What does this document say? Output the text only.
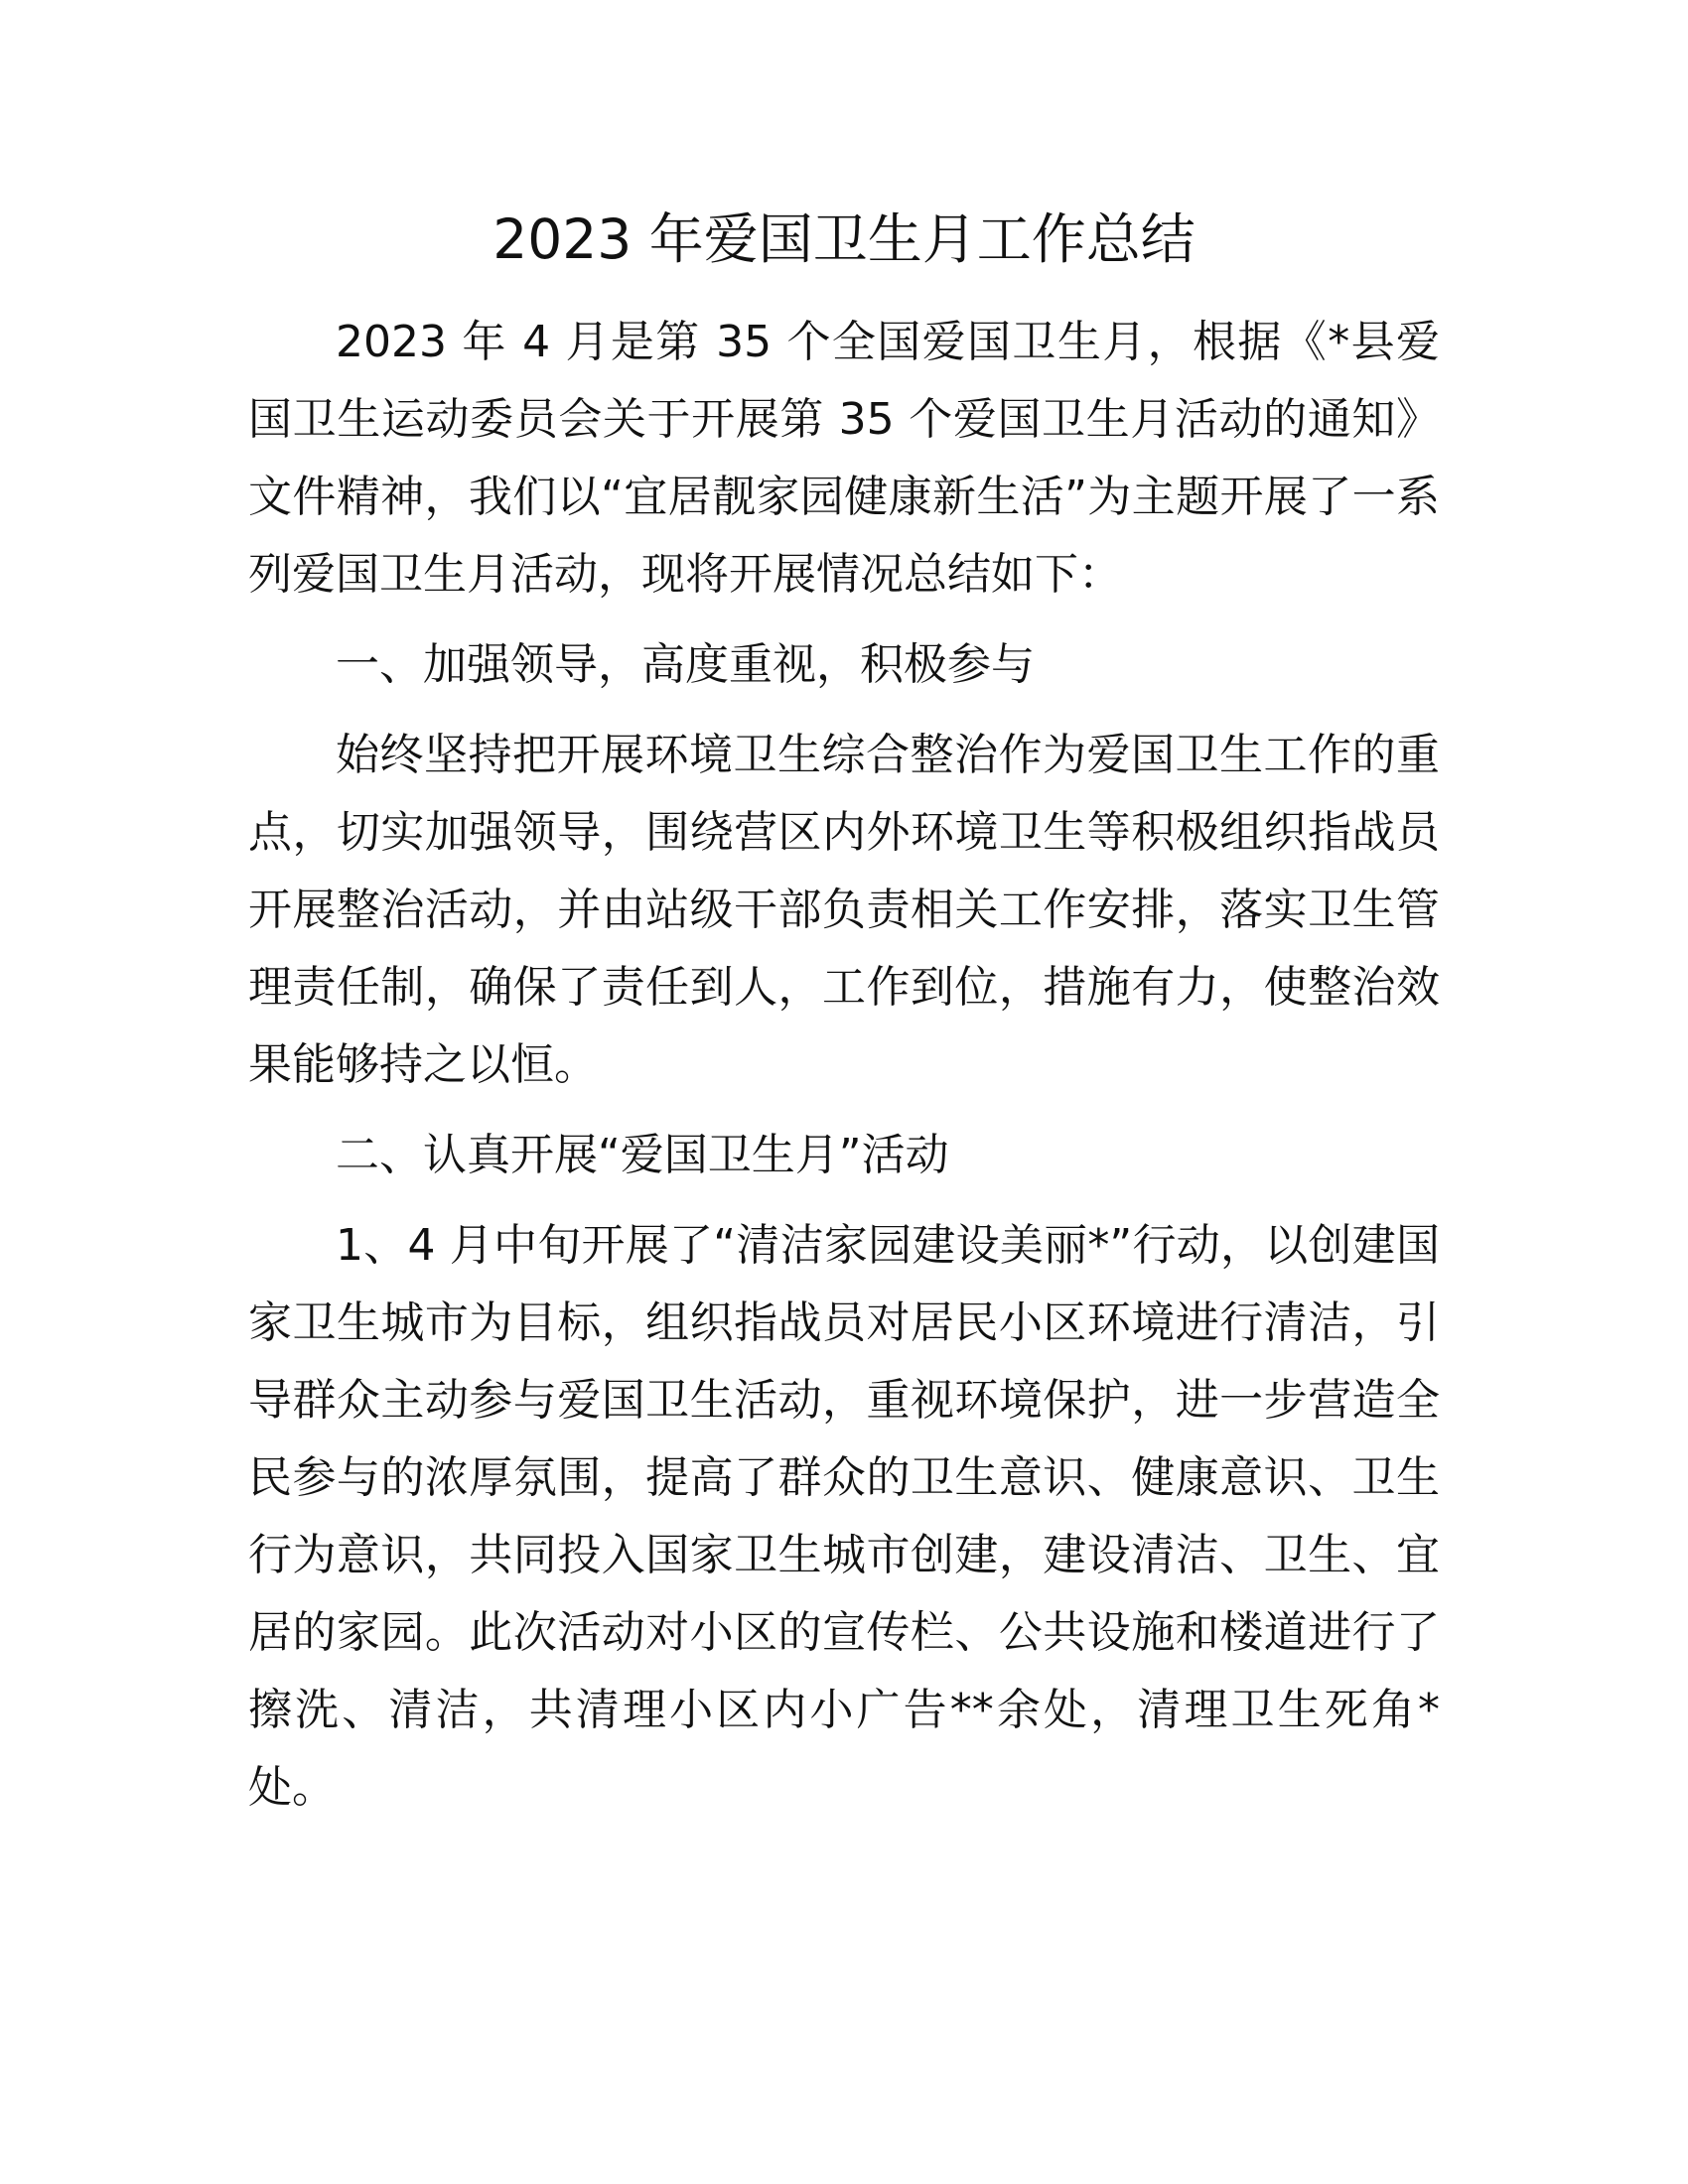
2023 年爱国卫生月工作总结

2023 年 4 月是第 35 个全国爱国卫生月，根据《*县爱国卫生运动委员会关于开展第 35 个爱国卫生月活动的通知》文件精神，我们以“宜居靓家园健康新生活”为主题开展了一系列爱国卫生月活动，现将开展情况总结如下：

一、加强领导，高度重视，积极参与

始终坚持把开展环境卫生综合整治作为爱国卫生工作的重点，切实加强领导，围绕营区内外环境卫生等积极组织指战员开展整治活动，并由站级干部负责相关工作安排，落实卫生管理责任制，确保了责任到人，工作到位，措施有力，使整治效果能够持之以恒。

二、认真开展“爱国卫生月”活动

1、4 月中旬开展了“清洁家园建设美丽*”行动，以创建国家卫生城市为目标，组织指战员对居民小区环境进行清洁，引导群众主动参与爱国卫生活动，重视环境保护，进一步营造全民参与的浓厚氛围，提高了群众的卫生意识、健康意识、卫生行为意识，共同投入国家卫生城市创建，建设清洁、卫生、宜居的家园。此次活动对小区的宣传栏、公共设施和楼道进行了擦洗、清洁，共清理小区内小广告**余处，清理卫生死角*处。
